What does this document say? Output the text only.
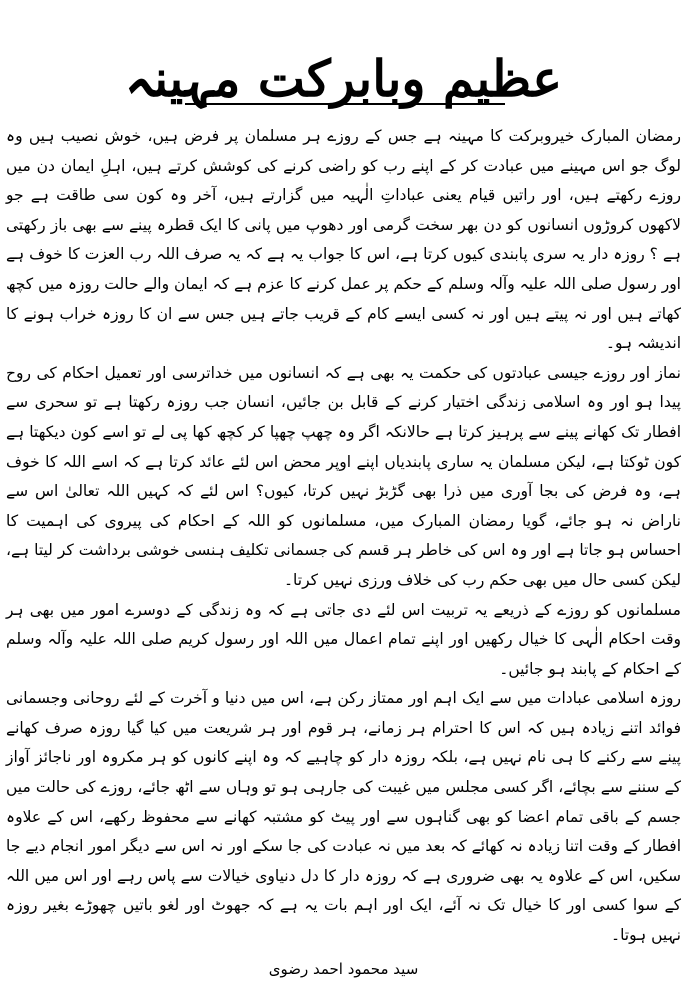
عظیم وبابرکت مہینہ

رمضان المبارک خیروبرکت کا مہینہ ہے جس کے روزے ہر مسلمان پر فرض ہیں، خوش نصیب ہیں وہ لوگ جو اس مہینے میں عبادت کر کے اپنے رب کو راضی کرنے کی کوشش کرتے ہیں، اہلِ ایمان دن میں روزے رکھتے ہیں، اور راتیں قیام یعنی عباداتِ الٰہیہ میں گزارتے ہیں، آخر وہ کون سی طاقت ہے جو لاکھوں کروڑوں انسانوں کو دن بھر سخت گرمی اور دھوپ میں پانی کا ایک قطرہ پینے سے بھی باز رکھتی ہے ؟ روزہ دار یہ سری پابندی کیوں کرتا ہے، اس کا جواب یہ ہے کہ یہ صرف اللہ رب العزت کا خوف ہے اور رسول صلی اللہ علیہ وآلہ وسلم کے حکم پر عمل کرنے کا عزم ہے کہ ایمان والے حالت روزہ میں کچھ کھاتے ہیں اور نہ پیتے ہیں اور نہ کسی ایسے کام کے قریب جاتے ہیں جس سے ان کا روزہ خراب ہونے کا اندیشہ ہو۔

نماز اور روزے جیسی عبادتوں کی حکمت یہ بھی ہے کہ انسانوں میں خداترسی اور تعمیل احکام کی روح پیدا ہو اور وہ اسلامی زندگی اختیار کرنے کے قابل بن جائیں، انسان جب روزہ رکھتا ہے تو سحری سے افطار تک کھانے پینے سے پرہیز کرتا ہے حالانکہ اگر وہ چھپ چھپا کر کچھ کھا پی لے تو اسے کون دیکھتا ہے کون ٹوکتا ہے، لیکن مسلمان یہ ساری پابندیاں اپنے اوپر محض اس لئے عائد کرتا ہے کہ اسے اللہ کا خوف ہے، وہ فرض کی بجا آوری میں ذرا بھی گڑبڑ نہیں کرتا، کیوں؟ اس لئے کہ کہیں اللہ تعالیٰ اس سے ناراض نہ ہو جائے، گویا رمضان المبارک میں، مسلمانوں کو اللہ کے احکام کی پیروی کی اہمیت کا احساس ہو جاتا ہے اور وہ اس کی خاطر ہر قسم کی جسمانی تکلیف ہنسی خوشی برداشت کر لیتا ہے، لیکن کسی حال میں بھی حکم رب کی خلاف ورزی نہیں کرتا۔

مسلمانوں کو روزے کے ذریعے یہ تربیت اس لئے دی جاتی ہے کہ وہ زندگی کے دوسرے امور میں بھی ہر وقت احکام الٰہی کا خیال رکھیں اور اپنے تمام اعمال میں اللہ اور رسول کریم صلی اللہ علیہ وآلہ وسلم کے احکام کے پابند ہو جائیں۔

روزہ اسلامی عبادات میں سے ایک اہم اور ممتاز رکن ہے، اس میں دنیا و آخرت کے لئے روحانی وجسمانی فوائد اتنے زیادہ ہیں کہ اس کا احترام ہر زمانے، ہر قوم اور ہر شریعت میں کیا گیا روزہ صرف کھانے پینے سے رکنے کا ہی نام نہیں ہے، بلکہ روزہ دار کو چاہیے کہ وہ اپنے کانوں کو ہر مکروہ اور ناجائز آواز کے سننے سے بچائے، اگر کسی مجلس میں غیبت کی جارہی ہو تو وہاں سے اٹھ جائے، روزے کی حالت میں جسم کے باقی تمام اعضا کو بھی گناہوں سے اور پیٹ کو مشتبہ کھانے سے محفوظ رکھے، اس کے علاوہ افطار کے وقت اتنا زیادہ نہ کھائے کہ بعد میں نہ عبادت کی جا سکے اور نہ اس سے دیگر امور انجام دیے جا سکیں، اس کے علاوہ یہ بھی ضروری ہے کہ روزہ دار کا دل دنیاوی خیالات سے پاس رہے اور اس میں اللہ کے سوا کسی اور کا خیال تک نہ آئے، ایک اور اہم بات یہ ہے کہ جھوٹ اور لغو باتیں چھوڑے بغیر روزہ نہیں ہوتا۔

سید محمود احمد رضوی
